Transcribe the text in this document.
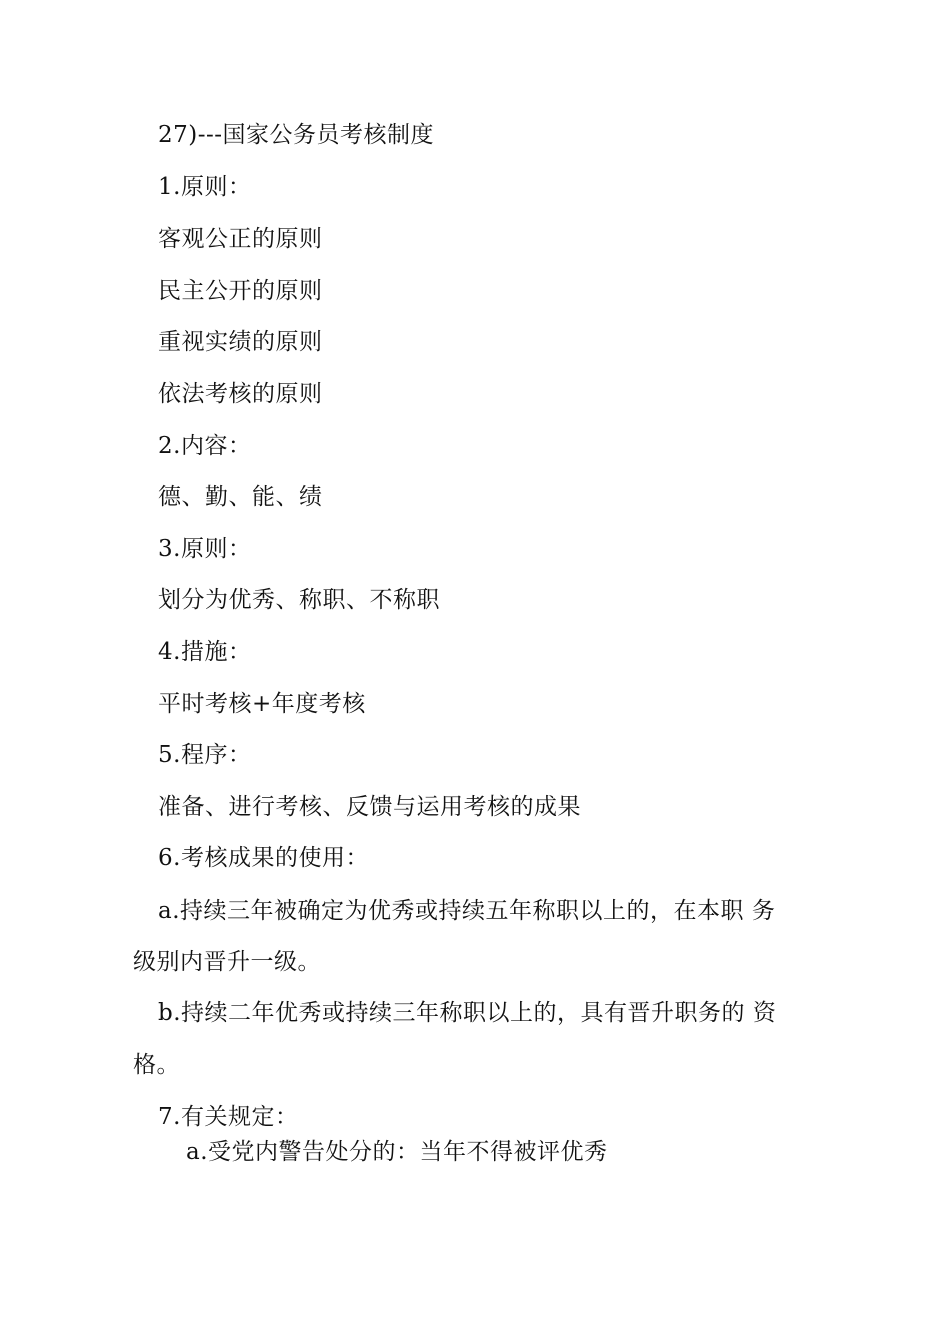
27)---国家公务员考核制度
1.原则：
客观公正的原则
民主公开的原则
重视实绩的原则
依法考核的原则
2.内容：
德、勤、能、绩
3.原则：
划分为优秀、称职、不称职
4.措施：
平时考核+年度考核
5.程序：
准备、进行考核、反馈与运用考核的成果
6.考核成果的使用：
a.持续三年被确定为优秀或持续五年称职以上的，在本职 务
级别内晋升一级。
b.持续二年优秀或持续三年称职以上的，具有晋升职务的 资
格。
7.有关规定：
a.受党内警告处分的：当年不得被评优秀
